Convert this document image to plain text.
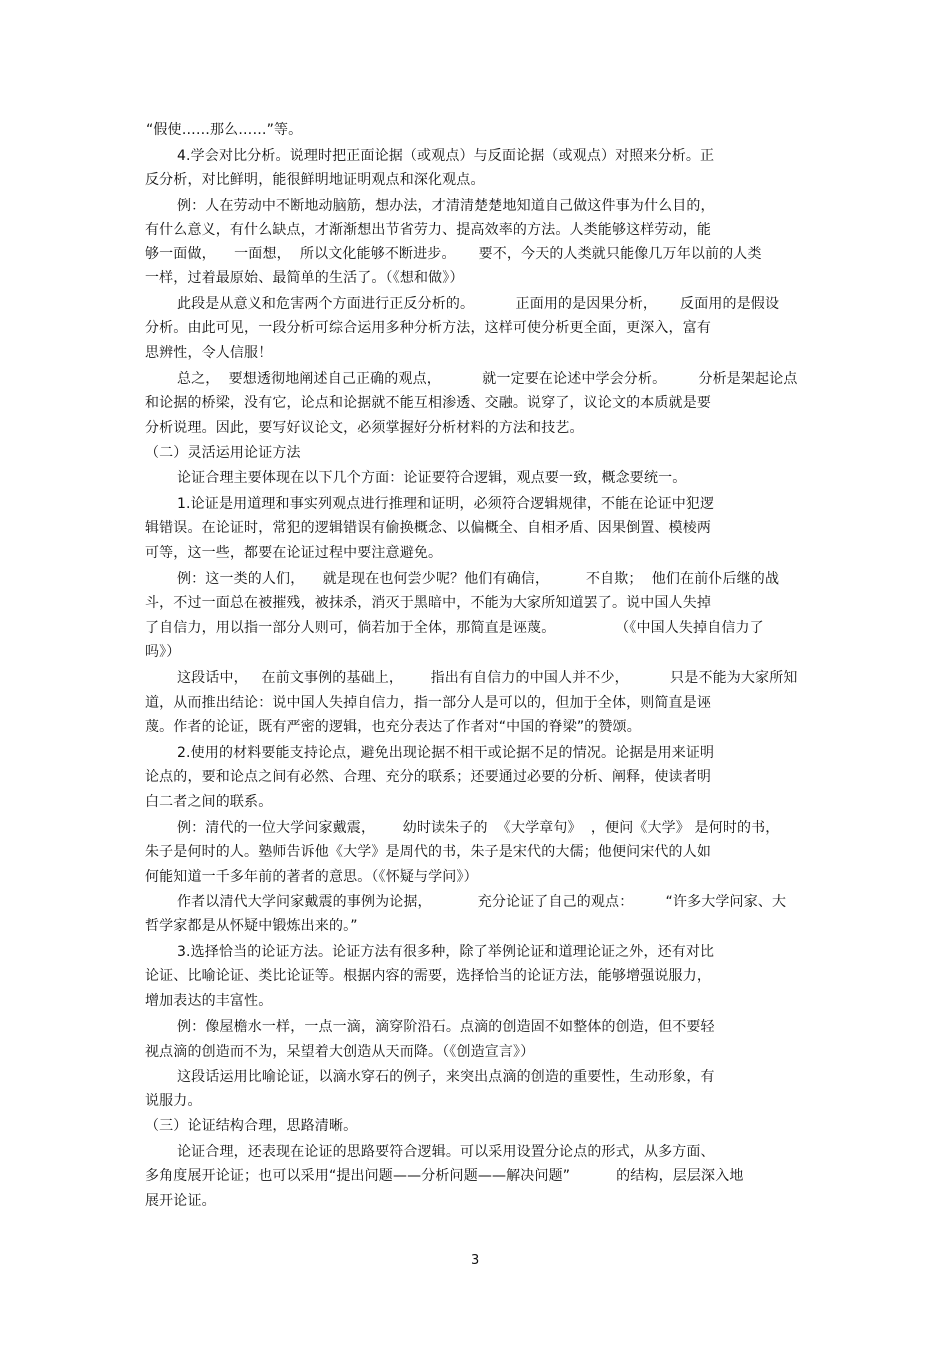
“假使……那么……”等。
4.学会对比分析。说理时把正面论据（或观点）与反面论据（或观点）对照来分析。正
反分析，对比鲜明，能很鲜明地证明观点和深化观点。
例：人在劳动中不断地动脑筋，想办法，才清清楚楚地知道自己做这件事为什么目的，
有什么意义，有什么缺点，才渐渐想出节省劳力、提高效率的方法。人类能够这样劳动，能
够一面做，    一面想，  所以文化能够不断进步。     要不，今天的人类就只能像几万年以前的人类
一样，过着最原始、最简单的生活了。（《想和做》）
此段是从意义和危害两个方面进行正反分析的。         正面用的是因果分析，     反面用的是假设
分析。由此可见，一段分析可综合运用多种分析方法，这样可使分析更全面，更深入，富有
思辨性，令人信服！
总之，  要想透彻地阐述自己正确的观点，         就一定要在论述中学会分析。       分析是架起论点
和论据的桥梁，没有它，论点和论据就不能互相渗透、交融。说穿了，议论文的本质就是要
分析说理。因此，要写好议论文，必须掌握好分析材料的方法和技艺。
（二）灵活运用论证方法
论证合理主要体现在以下几个方面：论证要符合逻辑，观点要一致，概念要统一。
1.论证是用道理和事实列观点进行推理和证明，必须符合逻辑规律，不能在论证中犯逻
辑错误。在论证时，常犯的逻辑错误有偷换概念、以偏概全、自相矛盾、因果倒置、模棱两
可等，这一些，都要在论证过程中要注意避免。
例：这一类的人们，    就是现在也何尝少呢？他们有确信，        不自欺；  他们在前仆后继的战
斗，不过一面总在被摧残，被抹杀，消灭于黑暗中，不能为大家所知道罢了。说中国人失掉
了自信力，用以指一部分人则可，倘若加于全体，那简直是诬蔑。             （《中国人失掉自信力了
吗》）
这段话中，   在前文事例的基础上，      指出有自信力的中国人并不少，         只是不能为大家所知
道，从而推出结论：说中国人失掉自信力，指一部分人是可以的，但加于全体，则简直是诬
蔑。作者的论证，既有严密的逻辑，也充分表达了作者对“中国的脊梁”的赞颂。
2.使用的材料要能支持论点，避免出现论据不相干或论据不足的情况。论据是用来证明
论点的，要和论点之间有必然、合理、充分的联系；还要通过必要的分析、阐释，使读者明
白二者之间的联系。
例：清代的一位大学问家戴震，      幼时读朱子的  《大学章句》  ，便问《大学》 是何时的书，
朱子是何时的人。塾师告诉他《大学》是周代的书，朱子是宋代的大儒；他便问宋代的人如
何能知道一千多年前的著者的意思。（《怀疑与学问》）
作者以清代大学问家戴震的事例为论据，          充分论证了自己的观点：       “许多大学问家、大
哲学家都是从怀疑中锻炼出来的。”
3.选择恰当的论证方法。论证方法有很多种，除了举例论证和道理论证之外，还有对比
论证、比喻论证、类比论证等。根据内容的需要，选择恰当的论证方法，能够增强说服力，
增加表达的丰富性。
例：像屋檐水一样，一点一滴，滴穿阶沿石。点滴的创造固不如整体的创造，但不要轻
视点滴的创造而不为，呆望着大创造从天而降。（《创造宣言》）
这段话运用比喻论证，以滴水穿石的例子，来突出点滴的创造的重要性，生动形象，有
说服力。
（三）论证结构合理，思路清晰。
论证合理，还表现在论证的思路要符合逻辑。可以采用设置分论点的形式，从多方面、
多角度展开论证；也可以采用“提出问题——分析问题——解决问题”          的结构，层层深入地
展开论证。
3
